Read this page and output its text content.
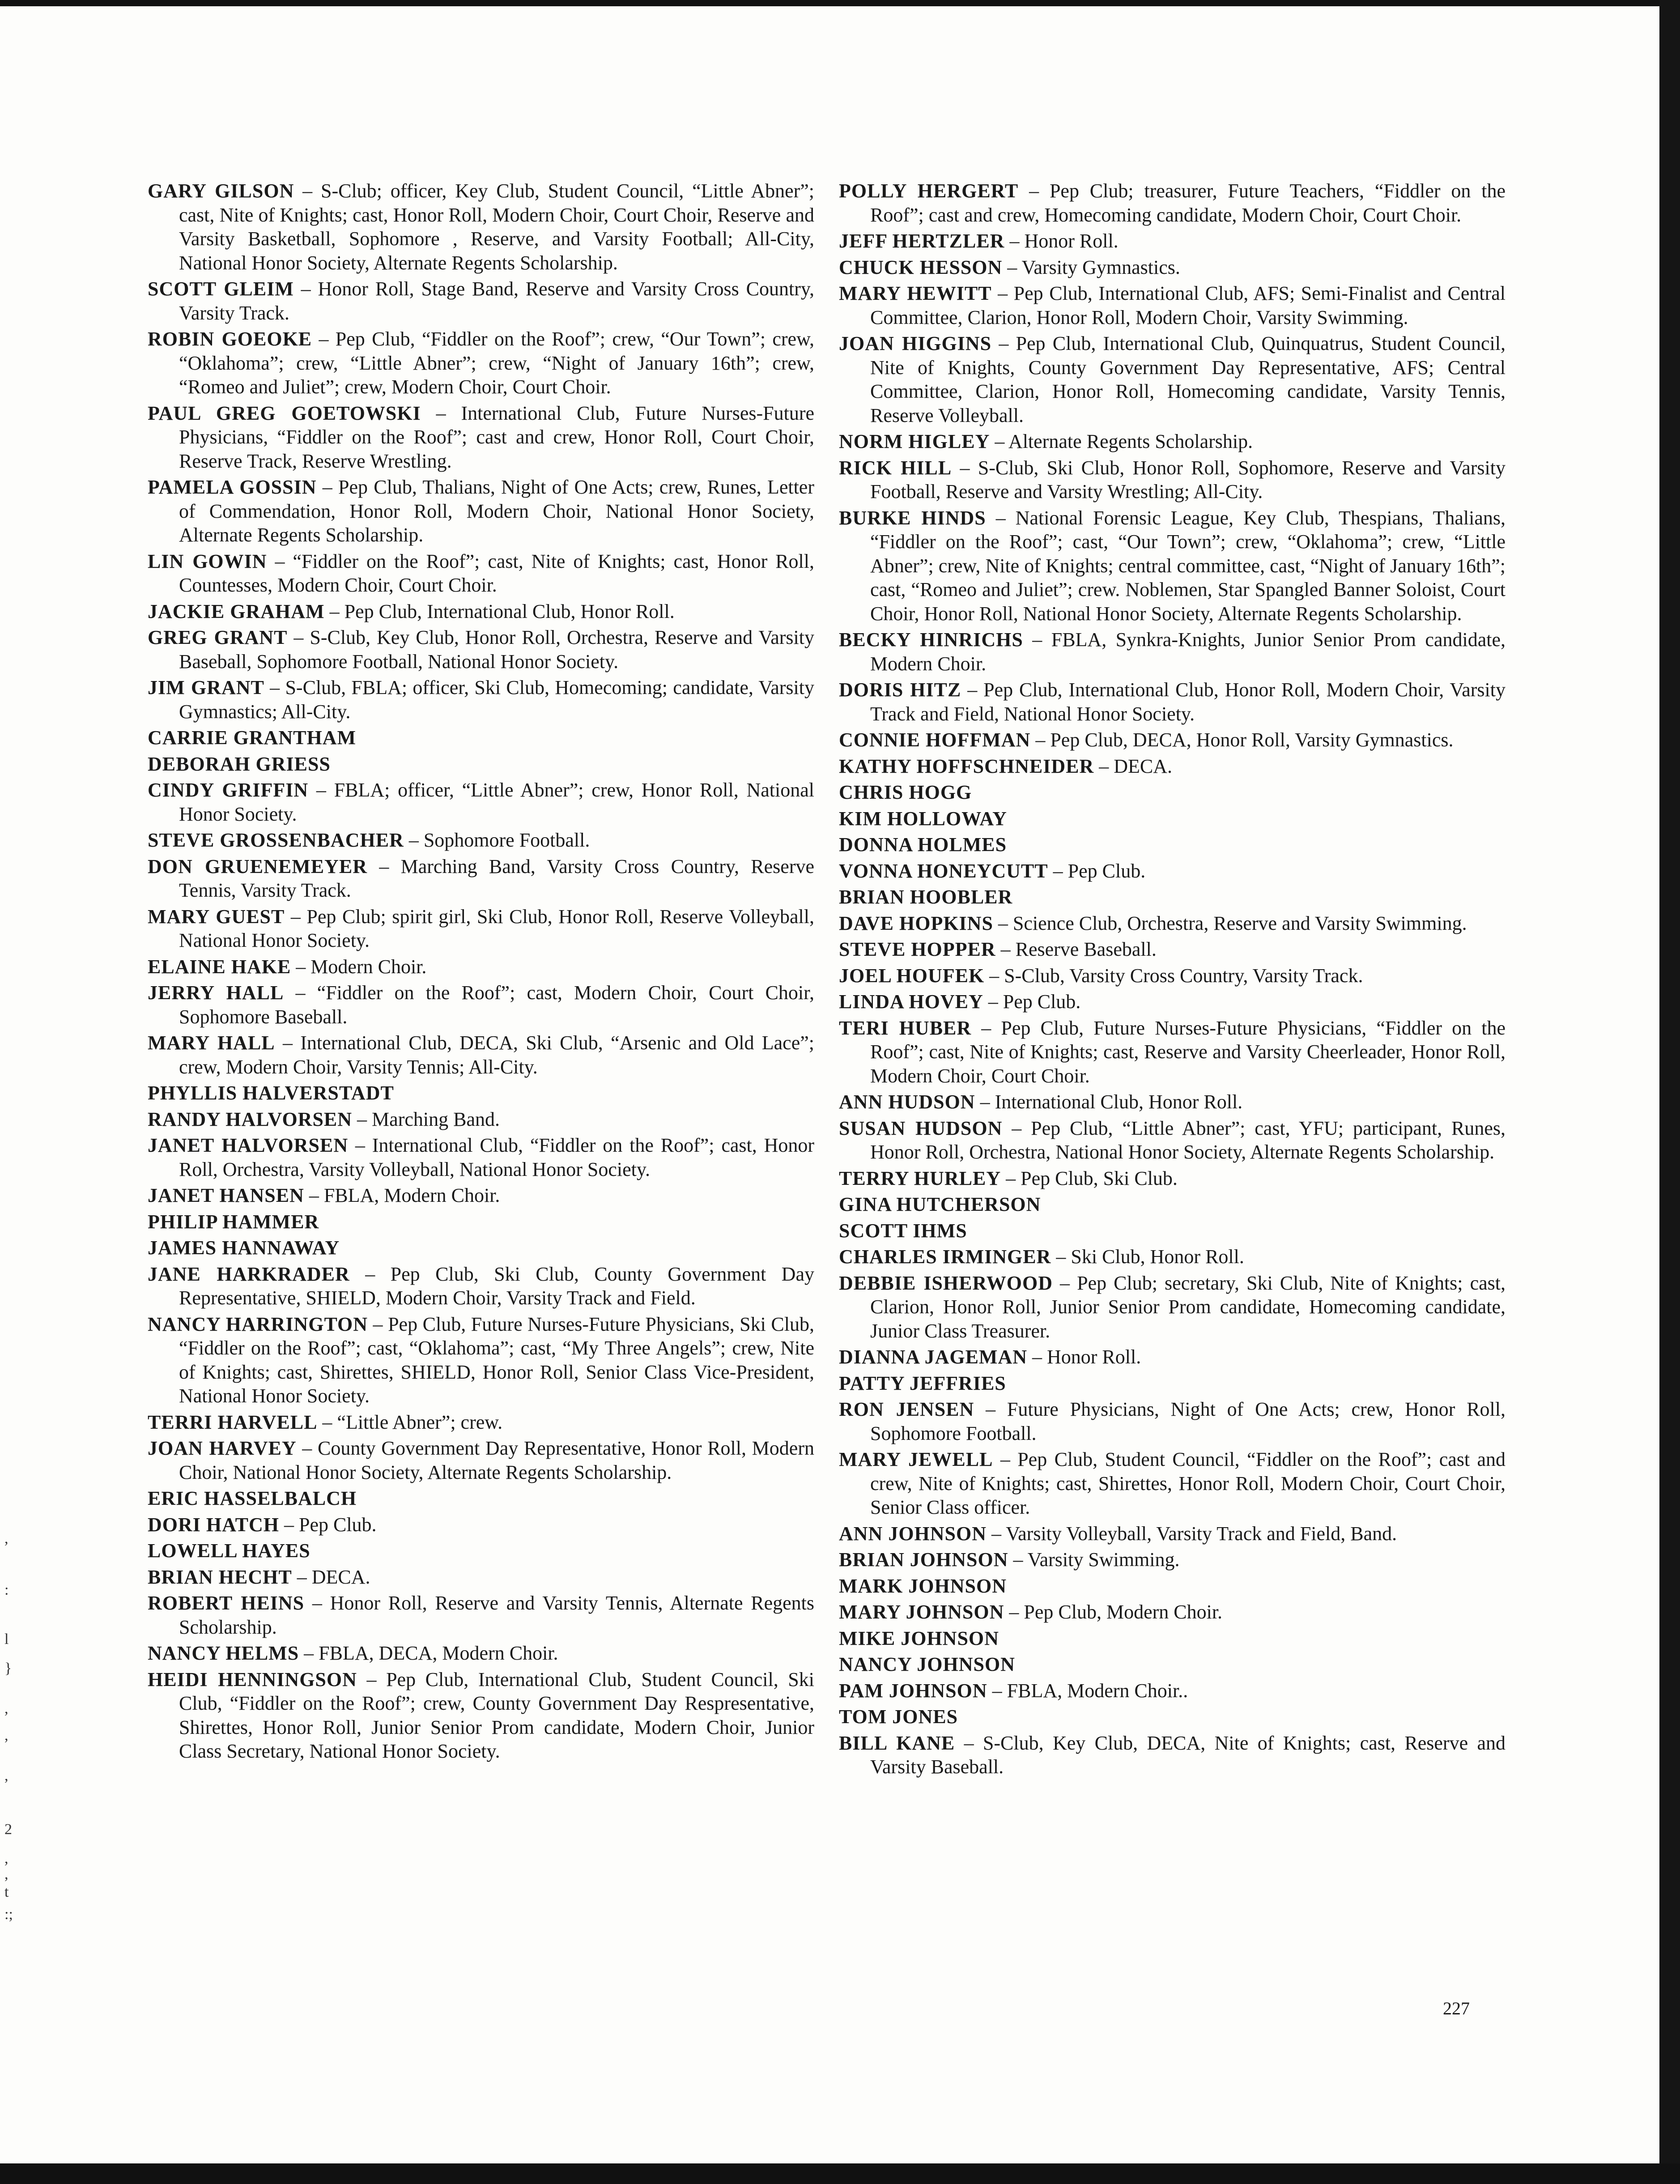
,
:
l
}
,
,
,
2
,
,
t
:;

GARY GILSON – S-Club; officer, Key Club, Student Council, “Little Abner”; cast, Nite of Knights; cast, Honor Roll, Modern Choir, Court Choir, Reserve and Varsity Basketball, Sophomore , Reserve, and Varsity Football; All-City, National Honor Society, Alternate Regents Scholarship.

SCOTT GLEIM – Honor Roll, Stage Band, Reserve and Varsity Cross Country, Varsity Track.

ROBIN GOEOKE – Pep Club, “Fiddler on the Roof”; crew, “Our Town”; crew, “Oklahoma”; crew, “Little Abner”; crew, “Night of January 16th”; crew, “Romeo and Juliet”; crew, Modern Choir, Court Choir.

PAUL GREG GOETOWSKI – International Club, Future Nurses-Future Physicians, “Fiddler on the Roof”; cast and crew, Honor Roll, Court Choir, Reserve Track, Reserve Wrestling.

PAMELA GOSSIN – Pep Club, Thalians, Night of One Acts; crew, Runes, Letter of Commendation, Honor Roll, Modern Choir, National Honor Society, Alternate Regents Scholarship.

LIN GOWIN – “Fiddler on the Roof”; cast, Nite of Knights; cast, Honor Roll, Countesses, Modern Choir, Court Choir.

JACKIE GRAHAM – Pep Club, International Club, Honor Roll.

GREG GRANT – S-Club, Key Club, Honor Roll, Orchestra, Reserve and Varsity Baseball, Sophomore Football, National Honor Society.

JIM GRANT – S-Club, FBLA; officer, Ski Club, Homecoming; candidate, Varsity Gymnastics; All-City.

CARRIE GRANTHAM

DEBORAH GRIESS

CINDY GRIFFIN – FBLA; officer, “Little Abner”; crew, Honor Roll, National Honor Society.

STEVE GROSSENBACHER – Sophomore Football.

DON GRUENEMEYER – Marching Band, Varsity Cross Country, Reserve Tennis, Varsity Track.

MARY GUEST – Pep Club; spirit girl, Ski Club, Honor Roll, Reserve Volleyball, National Honor Society.

ELAINE HAKE – Modern Choir.

JERRY HALL – “Fiddler on the Roof”; cast, Modern Choir, Court Choir, Sophomore Baseball.

MARY HALL – International Club, DECA, Ski Club, “Arsenic and Old Lace”; crew, Modern Choir, Varsity Tennis; All-City.

PHYLLIS HALVERSTADT

RANDY HALVORSEN – Marching Band.

JANET HALVORSEN – International Club, “Fiddler on the Roof”; cast, Honor Roll, Orchestra, Varsity Volleyball, National Honor Society.

JANET HANSEN – FBLA, Modern Choir.

PHILIP HAMMER

JAMES HANNAWAY

JANE HARKRADER – Pep Club, Ski Club, County Government Day Representative, SHIELD, Modern Choir, Varsity Track and Field.

NANCY HARRINGTON – Pep Club, Future Nurses-Future Physicians, Ski Club, “Fiddler on the Roof”; cast, “Oklahoma”; cast, “My Three Angels”; crew, Nite of Knights; cast, Shirettes, SHIELD, Honor Roll, Senior Class Vice-President, National Honor Society.

TERRI HARVELL – “Little Abner”; crew.

JOAN HARVEY – County Government Day Representative, Honor Roll, Modern Choir, National Honor Society, Alternate Regents Scholarship.

ERIC HASSELBALCH

DORI HATCH – Pep Club.

LOWELL HAYES

BRIAN HECHT – DECA.

ROBERT HEINS – Honor Roll, Reserve and Varsity Tennis, Alternate Regents Scholarship.

NANCY HELMS – FBLA, DECA, Modern Choir.

HEIDI HENNINGSON – Pep Club, International Club, Student Council, Ski Club, “Fiddler on the Roof”; crew, County Government Day Respresentative, Shirettes, Honor Roll, Junior Senior Prom candidate, Modern Choir, Junior Class Secretary, National Honor Society.

POLLY HERGERT – Pep Club; treasurer, Future Teachers, “Fiddler on the Roof”; cast and crew, Homecoming candidate, Modern Choir, Court Choir.

JEFF HERTZLER – Honor Roll.

CHUCK HESSON – Varsity Gymnastics.

MARY HEWITT – Pep Club, International Club, AFS; Semi-Finalist and Central Committee, Clarion, Honor Roll, Modern Choir, Varsity Swimming.

JOAN HIGGINS – Pep Club, International Club, Quinquatrus, Student Council, Nite of Knights, County Government Day Representative, AFS; Central Committee, Clarion, Honor Roll, Homecoming candidate, Varsity Tennis, Reserve Volleyball.

NORM HIGLEY – Alternate Regents Scholarship.

RICK HILL – S-Club, Ski Club, Honor Roll, Sophomore, Reserve and Varsity Football, Reserve and Varsity Wrestling; All-City.

BURKE HINDS – National Forensic League, Key Club, Thespians, Thalians, “Fiddler on the Roof”; cast, “Our Town”; crew, “Oklahoma”; crew, “Little Abner”; crew, Nite of Knights; central committee, cast, “Night of January 16th”; cast, “Romeo and Juliet”; crew. Noblemen, Star Spangled Banner Soloist, Court Choir, Honor Roll, National Honor Society, Alternate Regents Scholarship.

BECKY HINRICHS – FBLA, Synkra-Knights, Junior Senior Prom candidate, Modern Choir.

DORIS HITZ – Pep Club, International Club, Honor Roll, Modern Choir, Varsity Track and Field, National Honor Society.

CONNIE HOFFMAN – Pep Club, DECA, Honor Roll, Varsity Gymnastics.

KATHY HOFFSCHNEIDER – DECA.

CHRIS HOGG

KIM HOLLOWAY

DONNA HOLMES

VONNA HONEYCUTT – Pep Club.

BRIAN HOOBLER

DAVE HOPKINS – Science Club, Orchestra, Reserve and Varsity Swimming.

STEVE HOPPER – Reserve Baseball.

JOEL HOUFEK – S-Club, Varsity Cross Country, Varsity Track.

LINDA HOVEY – Pep Club.

TERI HUBER – Pep Club, Future Nurses-Future Physicians, “Fiddler on the Roof”; cast, Nite of Knights; cast, Reserve and Varsity Cheerleader, Honor Roll, Modern Choir, Court Choir.

ANN HUDSON – International Club, Honor Roll.

SUSAN HUDSON – Pep Club, “Little Abner”; cast, YFU; participant, Runes, Honor Roll, Orchestra, National Honor Society, Alternate Regents Scholarship.

TERRY HURLEY – Pep Club, Ski Club.

GINA HUTCHERSON

SCOTT IHMS

CHARLES IRMINGER – Ski Club, Honor Roll.

DEBBIE ISHERWOOD – Pep Club; secretary, Ski Club, Nite of Knights; cast, Clarion, Honor Roll, Junior Senior Prom candidate, Homecoming candidate, Junior Class Treasurer.

DIANNA JAGEMAN – Honor Roll.

PATTY JEFFRIES

RON JENSEN – Future Physicians, Night of One Acts; crew, Honor Roll, Sophomore Football.

MARY JEWELL – Pep Club, Student Council, “Fiddler on the Roof”; cast and crew, Nite of Knights; cast, Shirettes, Honor Roll, Modern Choir, Court Choir, Senior Class officer.

ANN JOHNSON – Varsity Volleyball, Varsity Track and Field, Band.

BRIAN JOHNSON – Varsity Swimming.

MARK JOHNSON

MARY JOHNSON – Pep Club, Modern Choir.

MIKE JOHNSON

NANCY JOHNSON

PAM JOHNSON – FBLA, Modern Choir..

TOM JONES

BILL KANE – S-Club, Key Club, DECA, Nite of Knights; cast, Reserve and Varsity Baseball.

227
